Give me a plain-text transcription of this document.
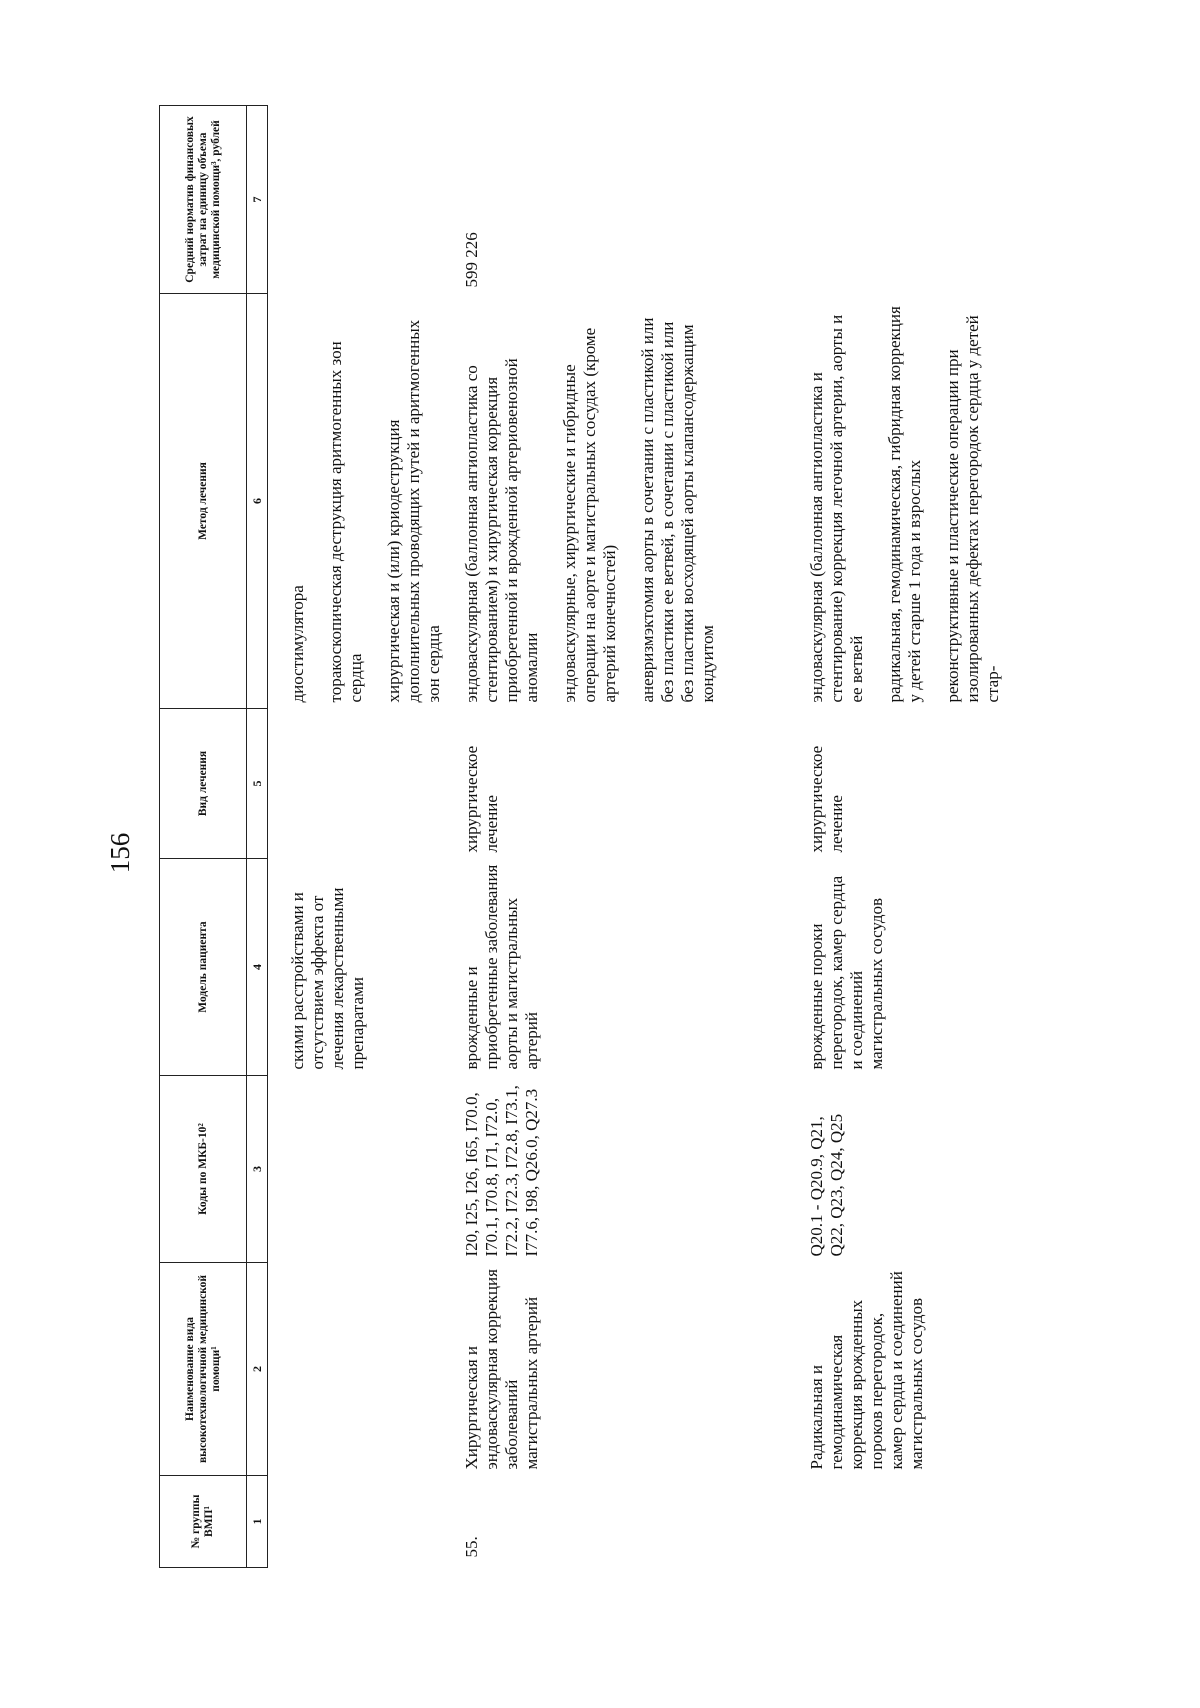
156
№ группы ВМП¹	Наименование вида высокотехнологичной медицинской помощи¹	Коды по МКБ-10²	Модель пациента	Вид лечения	Метод лечения	Средний норматив финансовых затрат на единицу объема медицинской помощи³, рублей
1	2	3	4	5	6	7
			скими расстройствами и отсутствием эффекта от лечения лекарственными препаратами		диостимулятора торакоскопическая деструкция аритмогенных зон сердца хирургическая и (или) криодеструкция дополнительных проводящих путей и аритмогенных зон сердца	

55.	Хирургическая и эндоваскулярная коррекция заболеваний магистральных артерий	I20, I25, I26, I65, I70.0, I70.1, I70.8, I71, I72.0, I72.2, I72.3, I72.8, I73.1, I77.6, I98, Q26.0, Q27.3	врожденные и приобретенные заболевания аорты и магистральных артерий	хирургическое лечение	эндоваскулярная (баллонная ангиопластика со стентированием) и хирургическая коррекция приобретенной и врожденной артериовенозной аномалии эндоваскулярные, хирургические и гибридные операции на аорте и магистральных сосудах (кроме артерий конечностей) аневризмэктомия аорты в сочетании с пластикой или без пластики ее ветвей, в сочетании с пластикой или без пластики восходящей аорты клапансодержащим кондуитом	599 226
	Радикальная и гемодинамическая коррекция врожденных пороков перегородок, камер сердца и соединений магистральных сосудов	Q20.1 - Q20.9, Q21, Q22, Q23, Q24, Q25	врожденные пороки перегородок, камер сердца и соединений магистральных сосудов	хирургическое лечение	эндоваскулярная (баллонная ангиопластика и стентирование) коррекция легочной артерии, аорты и ее ветвей радикальная, гемодинамическая, гибридная коррекция у детей старше 1 года и взрослых реконструктивные и пластические операции при изолированных дефектах перегородок сердца у детей стар-	
